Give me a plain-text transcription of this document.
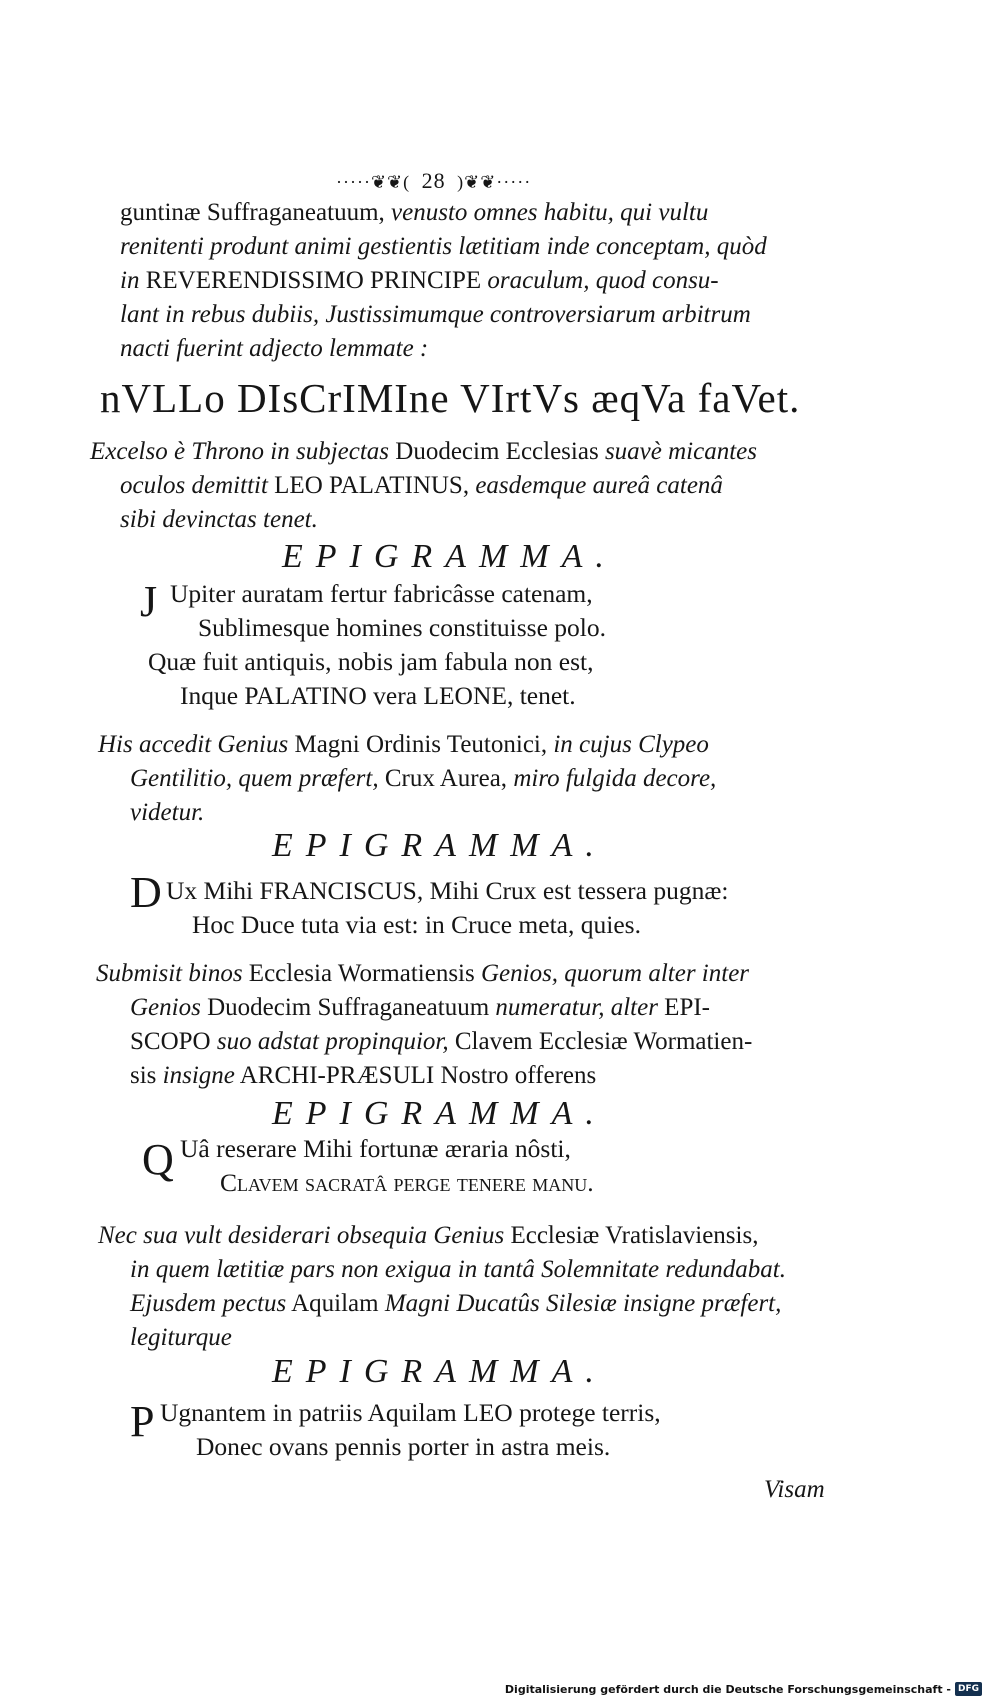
·····❦❦( 28 )❦❦·····
guntinæ Suffraganeatuum, venusto omnes habitu, qui vultu
renitenti produnt animi gestientis lætitiam inde conceptam, quòd
in REVERENDISSIMO PRINCIPE oraculum, quod consu-
lant in rebus dubiis, Justissimumque controversiarum arbitrum
nacti fuerint adjecto lemmate :
nVLLo DIsCrIMIne VIrtVs æqVa faVet.
Excelso è Throno in subjectas Duodecim Ecclesias suavè micantes
oculos demittit LEO PALATINUS, easdemque aureâ catenâ
sibi devinctas tenet.
EPIGRAMMA.
J Upiter auratam fertur fabricâsse catenam,
Sublimesque homines constituisse polo.
Quæ fuit antiquis, nobis jam fabula non est,
Inque PALATINO vera LEONE, tenet.
His accedit Genius Magni Ordinis Teutonici, in cujus Clypeo
Gentilitio, quem præfert, Crux Aurea, miro fulgida decore,
videtur.
EPIGRAMMA.
D Ux Mihi FRANCISCUS, Mihi Crux est tessera pugnæ:
Hoc Duce tuta via est: in Cruce meta, quies.
Submisit binos Ecclesia Wormatiensis Genios, quorum alter inter
Genios Duodecim Suffraganeatuum numeratur, alter EPI-
SCOPO suo adstat propinquior, Clavem Ecclesiæ Wormatien-
sis insigne ARCHI-PRÆSULI Nostro offerens
EPIGRAMMA.
Q Uâ reserare Mihi fortunæ æraria nôsti,
Clavem sacratâ perge tenere manu.
Nec sua vult desiderari obsequia Genius Ecclesiæ Vratislaviensis,
in quem lætitiæ pars non exigua in tantâ Solemnitate redundabat.
Ejusdem pectus Aquilam Magni Ducatûs Silesiæ insigne præfert,
legiturque
EPIGRAMMA.
P Ugnantem in patriis Aquilam LEO protege terris,
Donec ovans pennis porter in astra meis.
Visam
Digitalisierung gefördert durch die Deutsche Forschungsgemeinschaft - DFG
